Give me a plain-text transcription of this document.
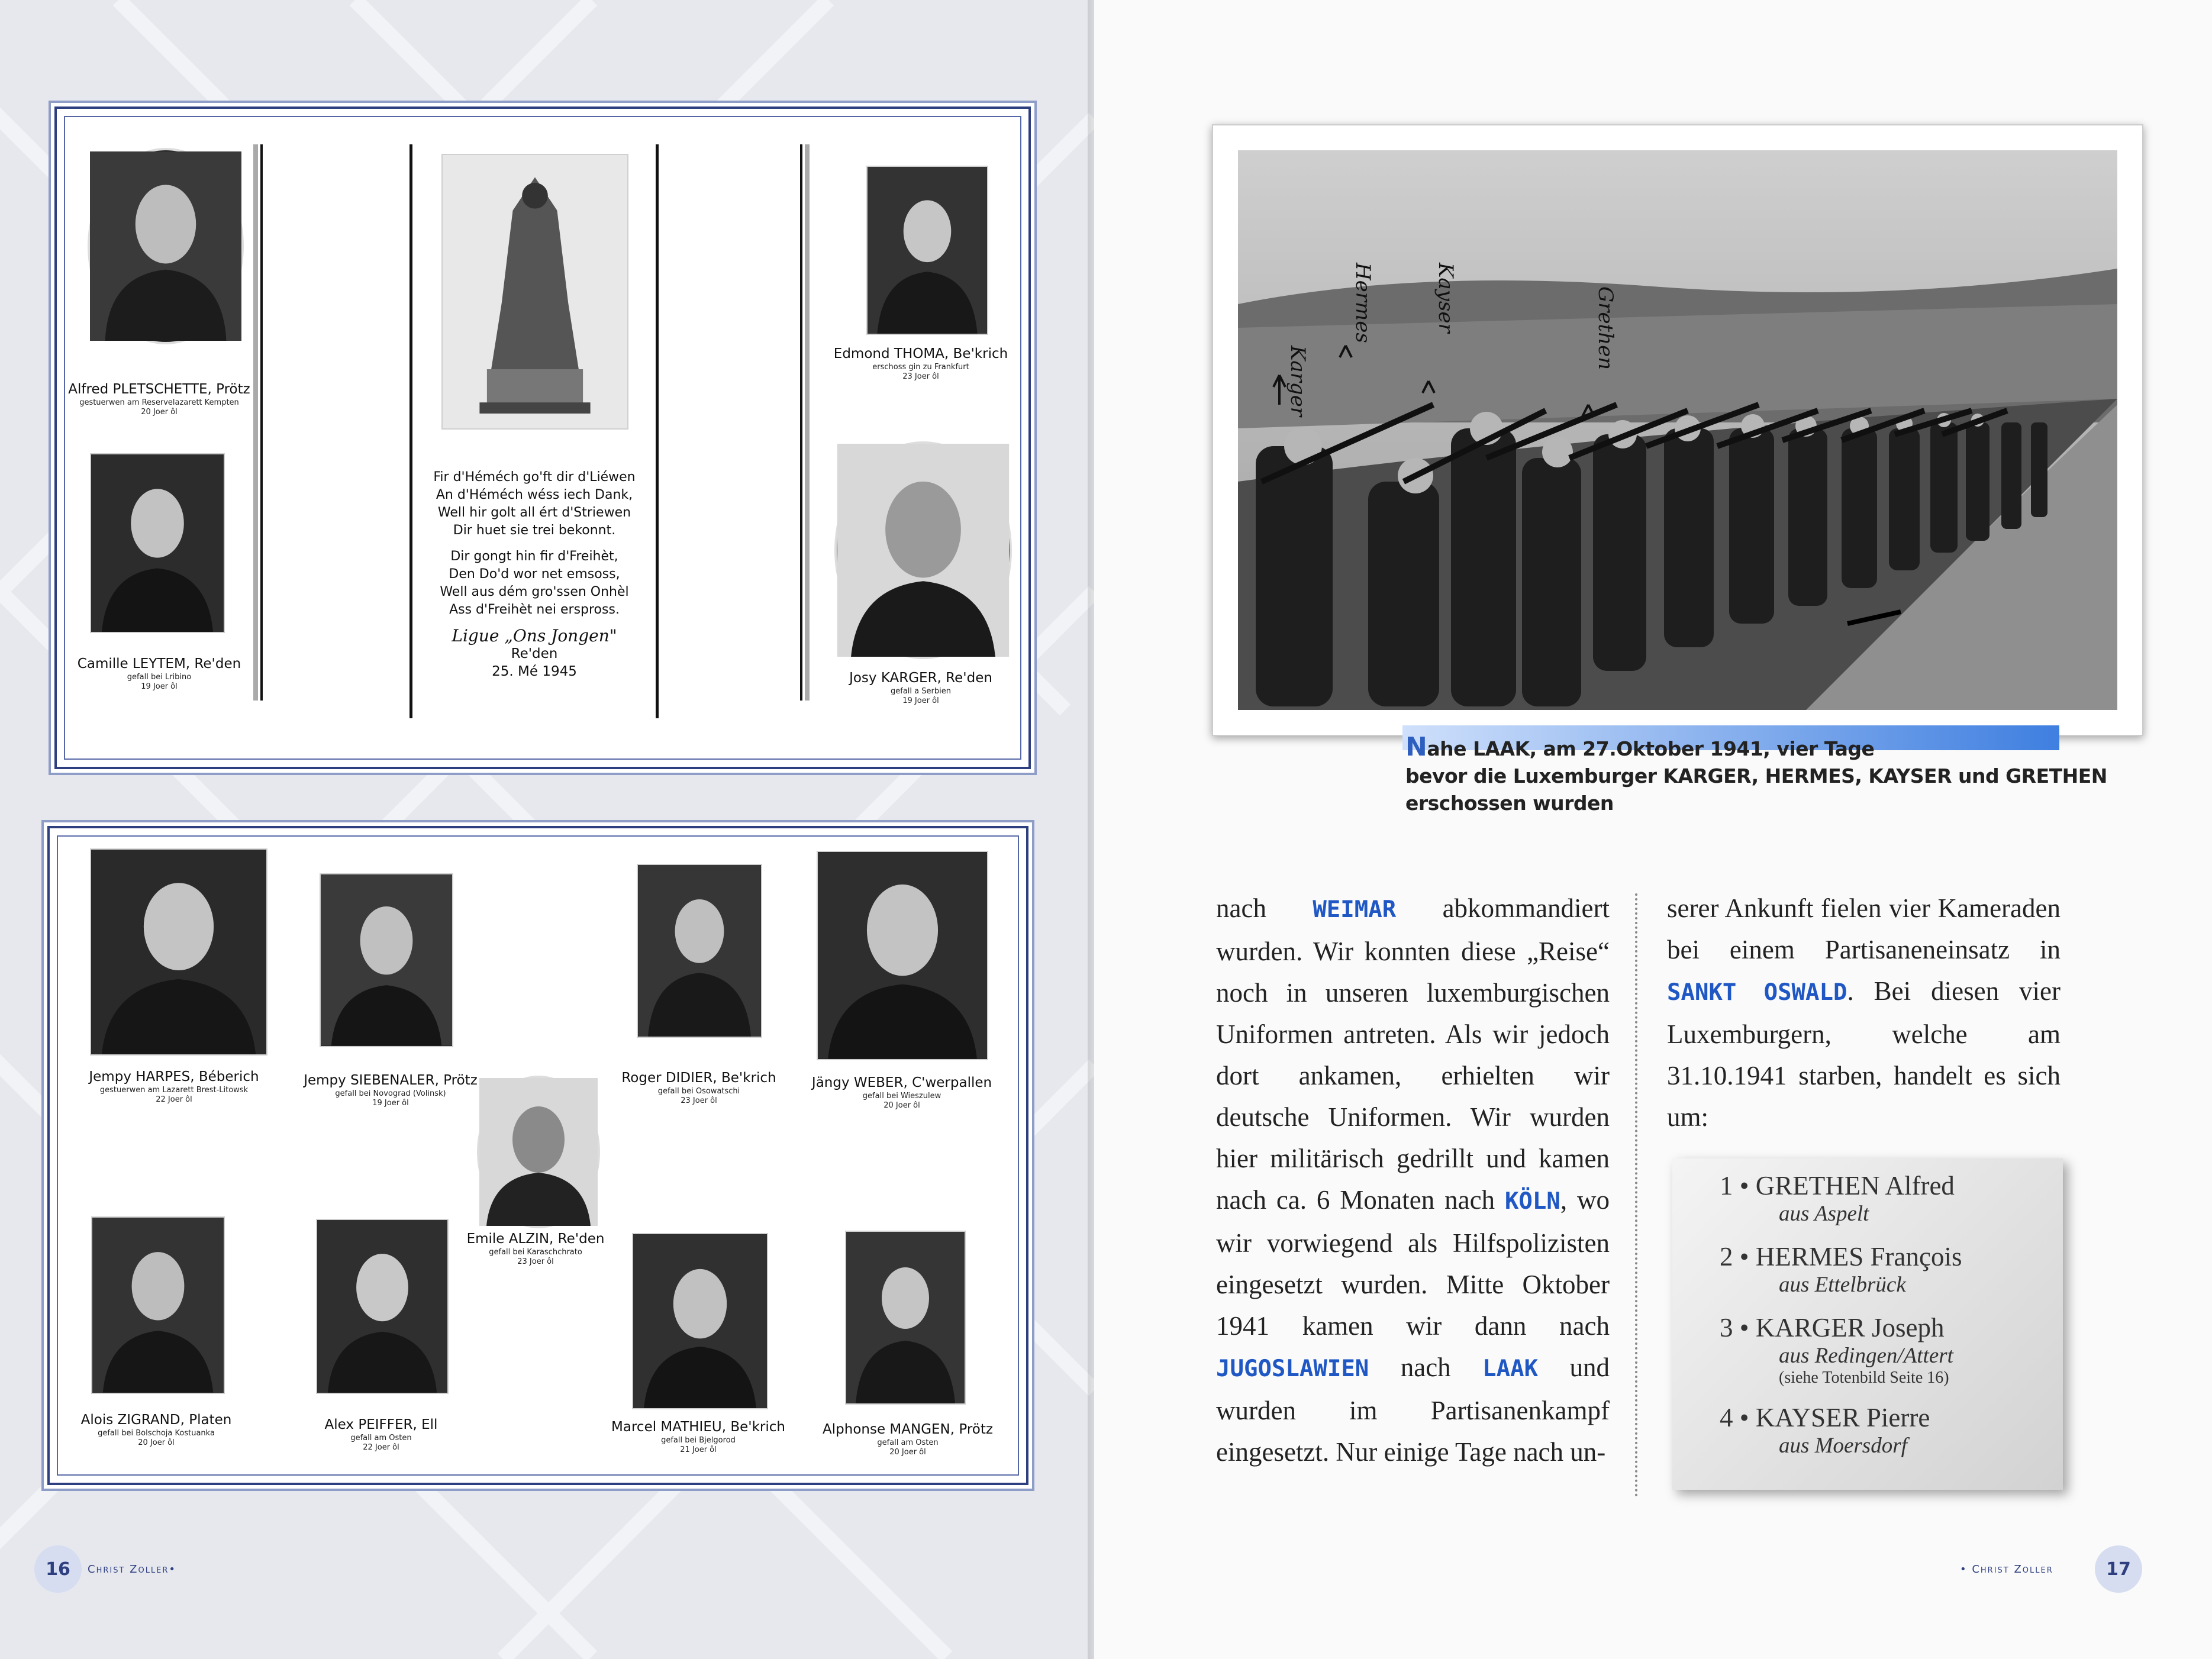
Alfred PLETSCHETTE, Prötz
gestuerwen am Reservelazarett Kempten
20 Joer ôl
Camille LEYTEM, Re'den
gefall bei Lribino
19 Joer ôl
Fir d'Héméch go'ft dir d'Liéwen
An d'Héméch wéss iech Dank,
Well hir golt all ért d'Striewen
Dir huet sie trei bekonnt.
Dir gongt hin fir d'Freihèt,
Den Do'd wor net emsoss,
Well aus dém gro'ssen Onhèl
Ass d'Freihèt nei erspross.
Ligue „Ons Jongen"
Re'den
25. Mé 1945
Edmond THOMA, Be'krich
erschoss gin zu Frankfurt
23 Joer ôl
Josy KARGER, Re'den
gefall a Serbien
19 Joer ôl
Jempy HARPES, Béberich
gestuerwen am Lazarett Brest-Litowsk
22 Joer ôl
Jempy SIEBENALER, Prötz
gefall bei Novograd (Volinsk)
19 Joer ôl
Emile ALZIN, Re'den
gefall bei Karaschchrato
23 Joer ôl
Roger DIDIER, Be'krich
gefall bei Osowatschi
23 Joer ôl
Jängy WEBER, C'werpallen
gefall bei Wieszulew
20 Joer ôl
Alois ZIGRAND, Platen
gefall bei Bolschoja Kostuanka
20 Joer ôl
Alex PEIFFER, Ell
gefall am Osten
22 Joer ôl
Marcel MATHIEU, Be'krich
gefall bei Bjelgorod
21 Joer ôl
Alphonse MANGEN, Prötz
gefall am Osten
20 Joer ôl
16	Christ Zoller•
Karger
Hermes	Kayser	Grethen
Nahe LAAK, am 27.Oktober 1941, vier Tage
bevor die Luxemburger KARGER, HERMES, KAYSER und GRETHEN
erschossen wurden
nach WEIMAR abkommandiert wurden. Wir konnten diese „Reise“ noch in unseren luxemburgischen Uniformen antreten. Als wir jedoch dort ankamen, erhielten wir deutsche Uniformen. Wir wurden hier militärisch gedrillt und kamen nach ca. 6 Monaten nach KÖLN, wo wir vorwiegend als Hilfspolizisten eingesetzt wurden. Mitte Oktober 1941 kamen wir dann nach JUGOSLAWIEN nach LAAK und wurden im Partisanenkampf eingesetzt. Nur einige Tage nach un-
serer Ankunft fielen vier Kameraden bei einem Partisaneneinsatz in SANKT OSWALD. Bei diesen vier Luxemburgern, welche am 31.10.1941 starben, handelt es sich um:
1 • GRETHEN Alfred
aus Aspelt
2 • HERMES François
aus Ettelbrück
3 • KARGER Joseph
aus Redingen/Attert
(siehe Totenbild Seite 16)
4 • KAYSER Pierre
aus Moersdorf
• Christ Zoller	17
